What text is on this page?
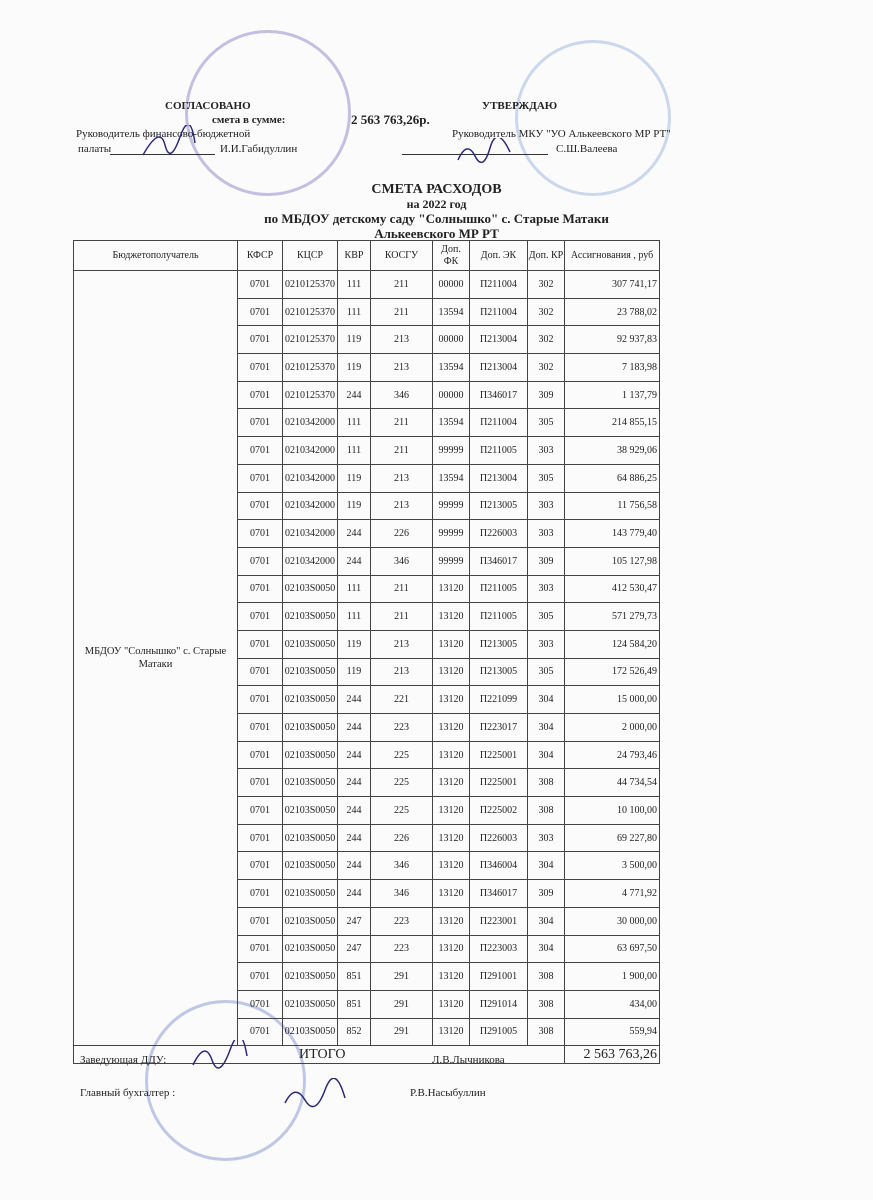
СОГЛАСОВАНО
смета в сумме:	2 563 763,26р.
УТВЕРЖДАЮ
Руководитель финансово-бюджетной
палаты	И.И.Габидуллин
Руководитель МКУ "УО Алькеевского МР РТ"
С.Ш.Валеева
СМЕТА РАСХОДОВ
на 2022 год
по МБДОУ детскому саду "Солнышко" с. Старые Матаки
Алькеевского МР РТ
Бюджетополучатель	КФСР	КЦСР	КВР	КОСГУ	Доп. ФК	Доп. ЭК	Доп. КР	Ассигнования , руб
МБДОУ "Солнышко" с. Старые Матаки	0701	0210125370	111	211	00000	П211004	302	307 741,17
	0701	0210125370	111	211	13594	П211004	302	23 788,02
	0701	0210125370	119	213	00000	П213004	302	92 937,83
	0701	0210125370	119	213	13594	П213004	302	7 183,98
	0701	0210125370	244	346	00000	П346017	309	1 137,79
	0701	0210342000	111	211	13594	П211004	305	214 855,15
	0701	0210342000	111	211	99999	П211005	303	38 929,06
	0701	0210342000	119	213	13594	П213004	305	64 886,25
	0701	0210342000	119	213	99999	П213005	303	11 756,58
	0701	0210342000	244	226	99999	П226003	303	143 779,40
	0701	0210342000	244	346	99999	П346017	309	105 127,98
	0701	02103S0050	111	211	13120	П211005	303	412 530,47
	0701	02103S0050	111	211	13120	П211005	305	571 279,73
	0701	02103S0050	119	213	13120	П213005	303	124 584,20
	0701	02103S0050	119	213	13120	П213005	305	172 526,49
	0701	02103S0050	244	221	13120	П221099	304	15 000,00
	0701	02103S0050	244	223	13120	П223017	304	2 000,00
	0701	02103S0050	244	225	13120	П225001	304	24 793,46
	0701	02103S0050	244	225	13120	П225001	308	44 734,54
	0701	02103S0050	244	225	13120	П225002	308	10 100,00
	0701	02103S0050	244	226	13120	П226003	303	69 227,80
	0701	02103S0050	244	346	13120	П346004	304	3 500,00
	0701	02103S0050	244	346	13120	П346017	309	4 771,92
	0701	02103S0050	247	223	13120	П223001	304	30 000,00
	0701	02103S0050	247	223	13120	П223003	304	63 697,50
	0701	02103S0050	851	291	13120	П291001	308	1 900,00
	0701	02103S0050	851	291	13120	П291014	308	434,00
	0701	02103S0050	852	291	13120	П291005	308	559,94
ИТОГО								2 563 763,26
Заведующая ДДУ:	Л.В.Лычникова
Главный бухгалтер :	Р.В.Насыбуллин
